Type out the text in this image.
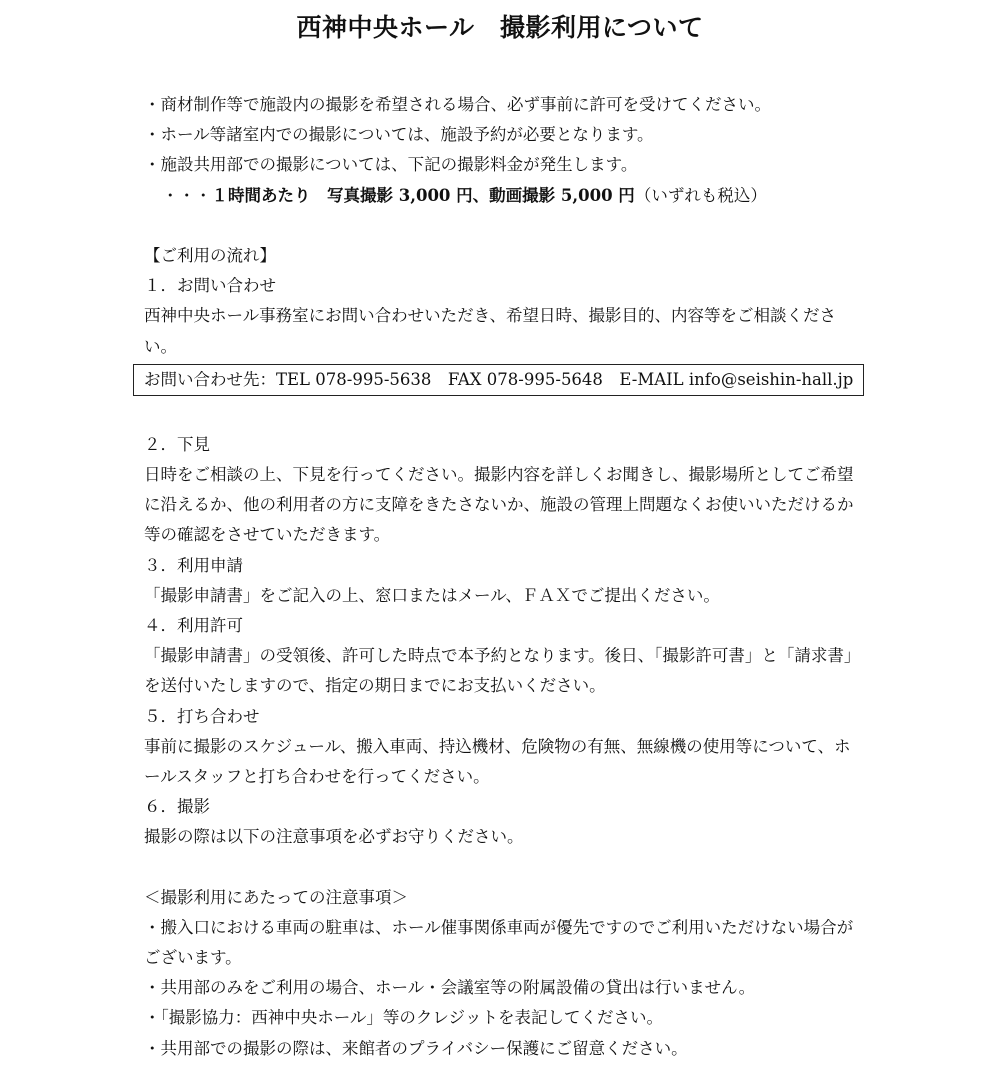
西神中央ホール　撮影利用について
・商材制作等で施設内の撮影を希望される場合、必ず事前に許可を受けてください。
・ホール等諸室内での撮影については、施設予約が必要となります。
・施設共用部での撮影については、下記の撮影料金が発生します。
・・・１時間あたり　写真撮影 3,000 円、動画撮影 5,000 円（いずれも税込）
【ご利用の流れ】
１．お問い合わせ
西神中央ホール事務室にお問い合わせいただき、希望日時、撮影目的、内容等をご相談ください。
お問い合わせ先：TEL 078-995-5638　FAX 078-995-5648　E-MAIL info@seishin-hall.jp
２．下見
日時をご相談の上、下見を行ってください。撮影内容を詳しくお聞きし、撮影場所としてご希望に沿えるか、他の利用者の方に支障をきたさないか、施設の管理上問題なくお使いいただけるか等の確認をさせていただきます。
３．利用申請
「撮影申請書」をご記入の上、窓口またはメール、ＦＡＸでご提出ください。
４．利用許可
「撮影申請書」の受領後、許可した時点で本予約となります。後日、「撮影許可書」と「請求書」を送付いたしますので、指定の期日までにお支払いください。
５．打ち合わせ
事前に撮影のスケジュール、搬入車両、持込機材、危険物の有無、無線機の使用等について、ホールスタッフと打ち合わせを行ってください。
６．撮影
撮影の際は以下の注意事項を必ずお守りください。
＜撮影利用にあたっての注意事項＞
・搬入口における車両の駐車は、ホール催事関係車両が優先ですのでご利用いただけない場合がございます。
・共用部のみをご利用の場合、ホール・会議室等の附属設備の貸出は行いません。
・「撮影協力：西神中央ホール」等のクレジットを表記してください。
・共用部での撮影の際は、来館者のプライバシー保護にご留意ください。
